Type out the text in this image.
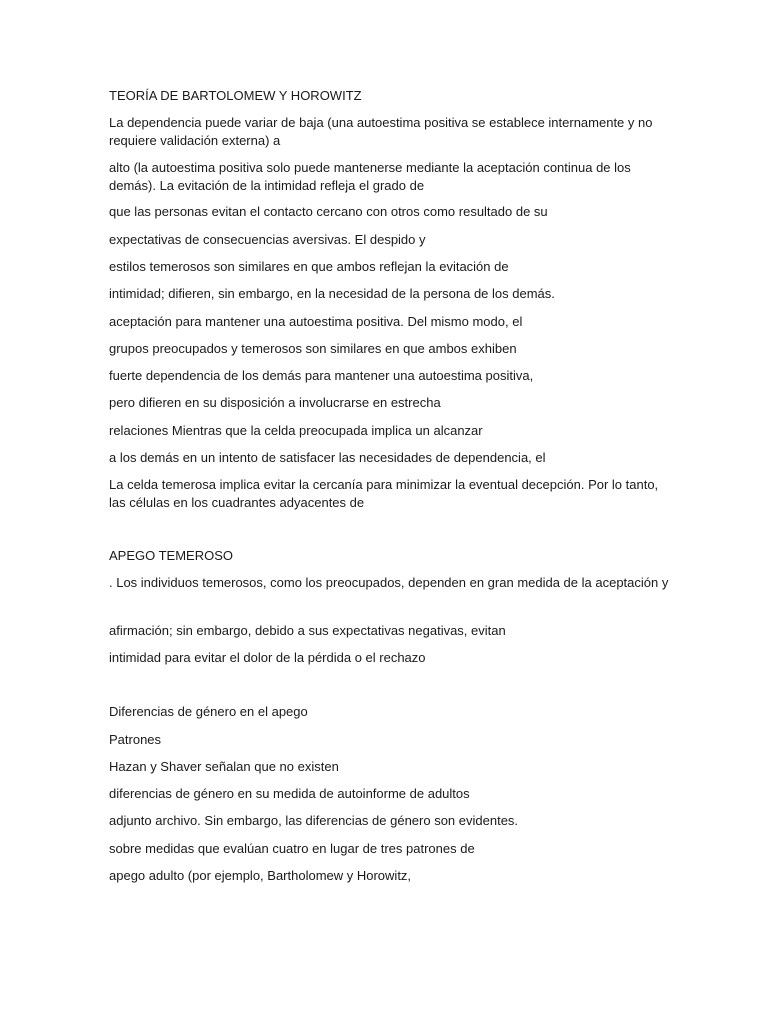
TEORÍA DE BARTOLOMEW Y HOROWITZ

La dependencia puede variar de baja (una autoestima positiva se establece internamente y no requiere validación externa) a

alto (la autoestima positiva solo puede mantenerse mediante la aceptación continua de los demás). La evitación de la intimidad refleja el grado de

que las personas evitan el contacto cercano con otros como resultado de su

expectativas de consecuencias aversivas. El despido y

estilos temerosos son similares en que ambos reflejan la evitación de

intimidad; difieren, sin embargo, en la necesidad de la persona de los demás.

aceptación para mantener una autoestima positiva. Del mismo modo, el

grupos preocupados y temerosos son similares en que ambos exhiben

fuerte dependencia de los demás para mantener una autoestima positiva,

pero difieren en su disposición a involucrarse en estrecha

relaciones Mientras que la celda preocupada implica un alcanzar

a los demás en un intento de satisfacer las necesidades de dependencia, el

La celda temerosa implica evitar la cercanía para minimizar la eventual decepción. Por lo tanto, las células en los cuadrantes adyacentes de

APEGO TEMEROSO

. Los individuos temerosos, como los preocupados, dependen en gran medida de la aceptación y

afirmación; sin embargo, debido a sus expectativas negativas, evitan

intimidad para evitar el dolor de la pérdida o el rechazo

Diferencias de género en el apego

Patrones

Hazan y Shaver señalan que no existen

diferencias de género en su medida de autoinforme de adultos

adjunto archivo. Sin embargo, las diferencias de género son evidentes.

sobre medidas que evalúan cuatro en lugar de tres patrones de

apego adulto (por ejemplo, Bartholomew y Horowitz,
